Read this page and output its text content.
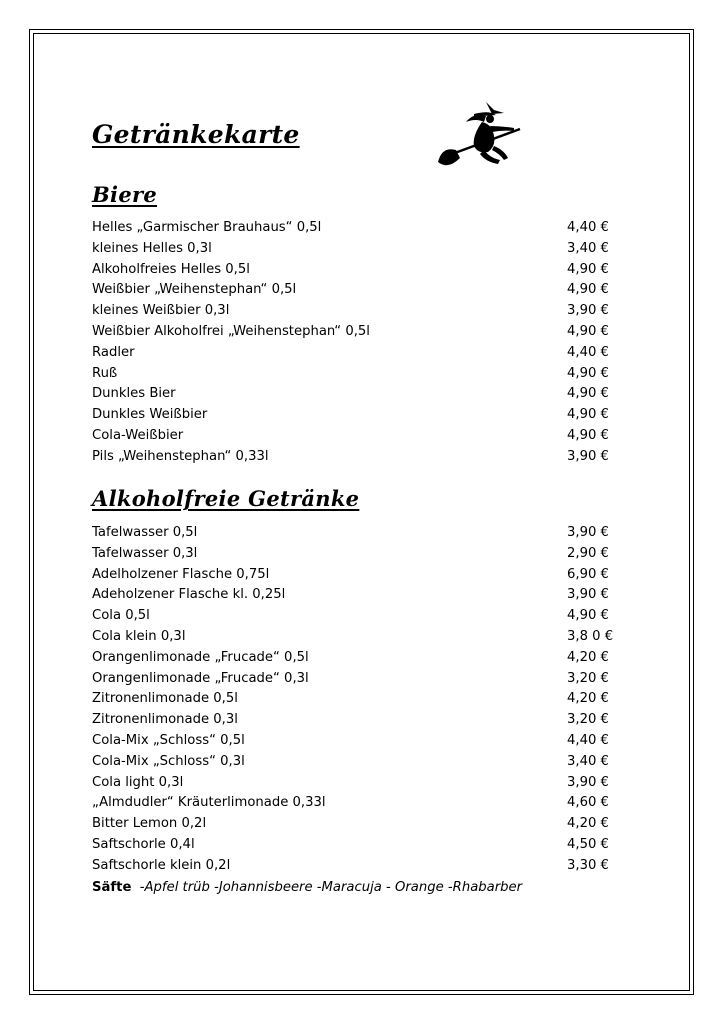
Getränkekarte
Biere
Helles „Garmischer Brauhaus“ 0,5l	4,40 €
kleines Helles 0,3l	3,40 €
Alkoholfreies Helles 0,5l	4,90 €
Weißbier „Weihenstephan“ 0,5l	4,90 €
kleines Weißbier 0,3l	3,90 €
Weißbier Alkoholfrei „Weihenstephan“ 0,5l	4,90 €
Radler	4,40 €
Ruß	4,90 €
Dunkles Bier	4,90 €
Dunkles Weißbier	4,90 €
Cola-Weißbier	4,90 €
Pils „Weihenstephan“ 0,33l	3,90 €
Alkoholfreie Getränke
Tafelwasser 0,5l	3,90 €
Tafelwasser 0,3l	2,90 €
Adelholzener Flasche 0,75l	6,90 €
Adeholzener Flasche kl. 0,25l	3,90 €
Cola 0,5l	4,90 €
Cola klein 0,3l	3,8 0 €
Orangenlimonade „Frucade“ 0,5l	4,20 €
Orangenlimonade „Frucade“ 0,3l	3,20 €
Zitronenlimonade 0,5l	4,20 €
Zitronenlimonade 0,3l	3,20 €
Cola-Mix „Schloss“ 0,5l	4,40 €
Cola-Mix „Schloss“ 0,3l	3,40 €
Cola light 0,3l	3,90 €
„Almdudler“ Kräuterlimonade 0,33l	4,60 €
Bitter Lemon 0,2l	4,20 €
Saftschorle 0,4l	4,50 €
Saftschorle klein 0,2l	3,30 €
Säfte -Apfel trüb -Johannisbeere -Maracuja - Orange -Rhabarber
